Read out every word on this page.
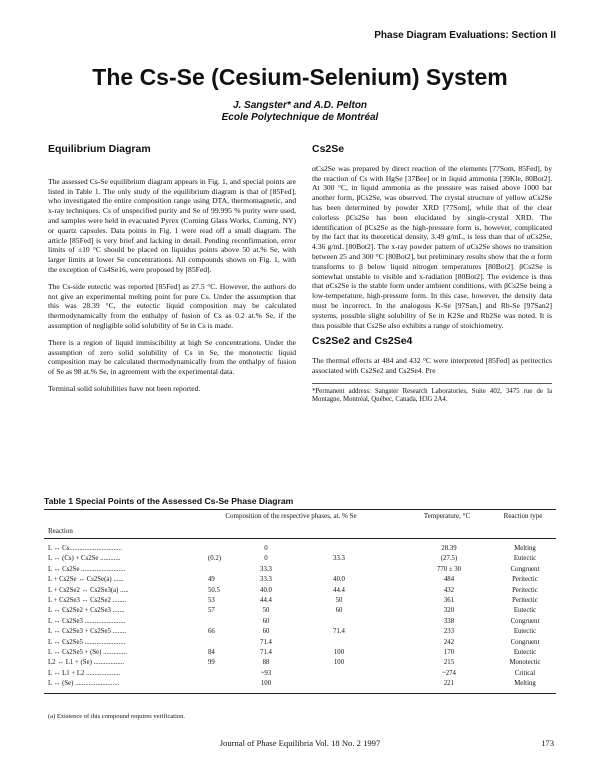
Phase Diagram Evaluations: Section II
The Cs-Se (Cesium-Selenium) System
J. Sangster* and A.D. Pelton
Ecole Polytechnique de Montréal
Equilibrium Diagram

The assessed Cs-Se equilibrium diagram appears in Fig. 1, and special points are listed in Table 1. The only study of the equilibrium diagram is that of [85Fed], who investigated the entire composition range using DTA, thermomagnetic, and x-ray techniques. Cs of unspecified purity and Se of 99.995 % purity were used, and samples were held in evacuated Pyrex (Corning Glass Works, Corning, NY) or quartz capsules. Data points in Fig. 1 were read off a small diagram. The article [85Fed] is very brief and lacking in detail. Pending reconfirmation, error limits of ±10 °C should be placed on liquidus points above 50 at.% Se, with larger limits at lower Se concentrations. All compounds shown on Fig. 1, with the exception of Cs4Se16, were proposed by [85Fed].

The Cs-side eutectic was reported [85Fed] as 27.5 °C. However, the authors do not give an experimental melting point for pure Cs. Under the assumption that this was 28.39 °C, the eutectic liquid composition may be calculated thermodynamically from the enthalpy of fusion of Cs as 0.2 at.% Se, if the assumption of negligible solid solubility of Se in Cs is made.

There is a region of liquid immiscibility at high Se concentrations. Under the assumption of zero solid solubility of Cs in Se, the monotectic liquid composition may be calculated thermodynamically from the enthalpy of fusion of Se as 98 at.% Se, in agreement with the experimental data.

Terminal solid solubilities have not been reported.

Cs2Se

αCs2Se was prepared by direct reaction of the elements [77Som, 85Fed], by the reaction of Cs with HgSe [37Bee] or in liquid ammonia [39Kle, 80Bot2]. At 300 °C, in liquid ammonia as the pressure was raised above 1000 bar another form, βCs2Se, was observed. The crystal structure of yellow αCs2Se has been determined by powder XRD [77Som], while that of the clear colorless βCs2Se has been elucidated by single-crystal XRD. The identification of βCs2Se as the high-pressure form is, however, complicated by the fact that its theoretical density, 3.49 g/mL, is less than that of αCs2Se, 4.36 g/mL [80Bot2]. The x-ray powder pattern of αCs2Se shows no transition between 25 and 300 °C [80Bot2], but preliminary results show that the α form transforms to β below liquid nitrogen temperatures [80Bot2]. βCs2Se is somewhat unstable to visible and x-radiation [80Bot2]. The evidence is thus that αCs2Se is the stable form under ambient conditions, with βCs2Se being a low-temperature, high-pressure form. In this case, however, the density data must be incorrect. In the analogous K-Se [97San,] and Rb-Se [97San2] systems, possible slight solubility of Se in K2Se and Rb2Se was noted. It is thus possible that Cs2Se also exhibits a range of stoichiometry.

Cs2Se2 and Cs2Se4

The thermal effects at 484 and 432 °C were interpreted [85Fed] as peritectics associated with Cs2Se2 and Cs2Se4. Pre

*Permanent address: Sangster Research Laboratories, Suite 402, 3475 rue de la Montagne, Montréal, Québec, Canada, H3G 2A4.
Table 1 Special Points of the Assessed Cs-Se Phase Diagram
Reaction
Composition of the respective phases, at. % Se	Temperature, °C	Reaction type
L ↔ Cs...............................	0	28.39	Melting
L ↔ (Cs) + Cs2Se ............	(0.2)	0	33.3	(27.5)	Eutectic
L ↔ Cs2Se ..........................	33.3	770 ± 30	Congruent
L + Cs2Se ↔ Cs2Se(a) ......	49	33.3	40.0	484	Peritectic
L + Cs2Se2 ↔ Cs2Se3(a) .....	50.5	40.0	44.4	432	Peritectic
L + Cs2Se3 ↔ Cs2Se2 ........	53	44.4	50	361	Peritectic
L ↔ Cs2Se2 + Cs2Se3 .......	57	50	60	320	Eutectic
L ↔ Cs2Se3 ........................	60	338	Congruent
L ↔ Cs2Se3 + Cs2Se5 ........	66	60	71.4	233	Eutectic
L ↔ Cs2Se5 ........................	71.4	242	Congruent
L ↔ Cs2Se5 + (Se) ..............	84	71.4	100	170	Eutectic
L2 ↔ L1 + (Se) ..................	99	88	100	215	Monotectic
L ↔ L1 + L2 ....................	~93	~274	Critical
L ↔ (Se) ..........................	100	221	Melting
(a) Existence of this compound requires verification.
Journal of Phase Equilibria Vol. 18 No. 2 1997	173
